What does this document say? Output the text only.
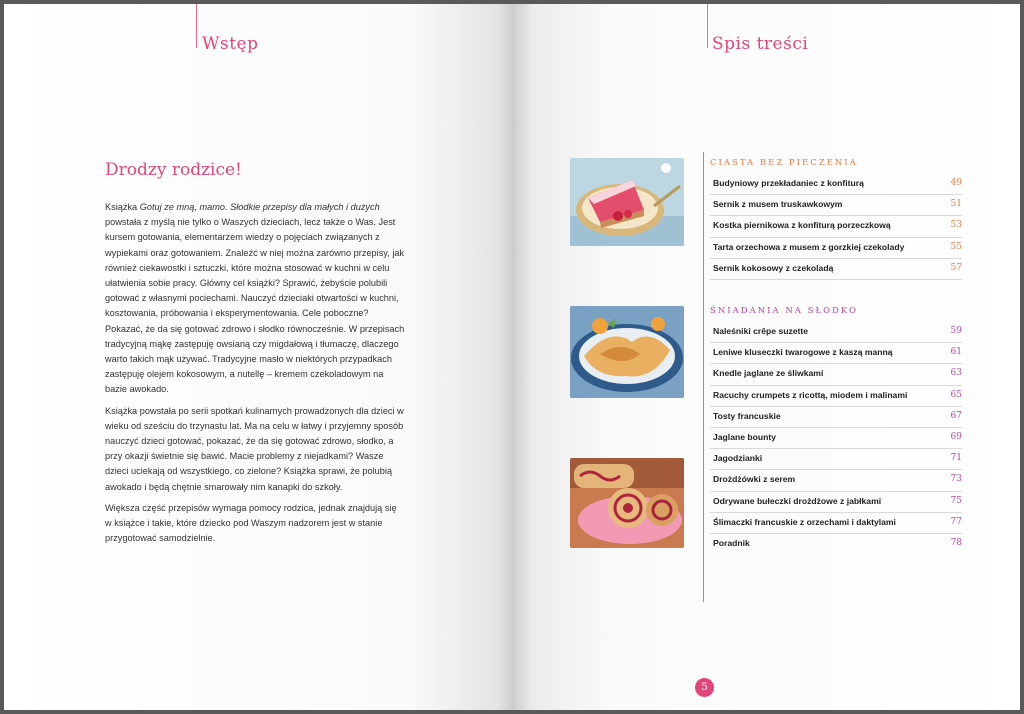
Wstęp	Spis treści
Drodzy rodzice!

Książka Gotuj ze mną, mamo. Słodkie przepisy dla małych i dużych powstała z myślą nie tylko o Waszych dzieciach, lecz także o Was. Jest kursem gotowania, elementarzem wiedzy o pojęciach związanych z wypiekami oraz gotowaniem. Znaleźć w niej można zarówno przepisy, jak również ciekawostki i sztuczki, które można stosować w kuchni w celu ułatwienia sobie pracy. Główny cel książki? Sprawić, żebyście polubili gotować z własnymi pociechami. Nauczyć dzieciaki otwartości w kuchni, kosztowania, próbowania i eksperymentowania. Cele poboczne? Pokazać, że da się gotować zdrowo i słodko równocześnie. W przepisach tradycyjną mąkę zastępuję owsianą czy migdałową i tłumaczę, dlaczego warto takich mąk używać. Tradycyjne masło w niektórych przypadkach zastępuję olejem kokosowym, a nutellę – kremem czekoladowym na bazie awokado.

Książka powstała po serii spotkań kulinarnych prowadzonych dla dzieci w wieku od sześciu do trzynastu lat. Ma na celu w łatwy i przyjemny sposób nauczyć dzieci gotować, pokazać, że da się gotować zdrowo, słodko, a przy okazji świetnie się bawić. Macie problemy z niejadkami? Wasze dzieci uciekają od wszystkiego, co zielone? Książka sprawi, że polubią awokado i będą chętnie smarowały nim kanapki do szkoły.

Większa część przepisów wymaga pomocy rodzica, jednak znajdują się w książce i takie, które dziecko pod Waszym nadzorem jest w stanie przygotować samodzielnie.

CIASTA BEZ PIECZENIA
Budyniowy przekładaniec z konfiturą	49
Sernik z musem truskawkowym	51
Kostka piernikowa z konfiturą porzeczkową	53
Tarta orzechowa z musem z gorzkiej czekolady	55
Sernik kokosowy z czekoladą	57
ŚNIADANIA NA SŁODKO
Naleśniki crêpe suzette	59
Leniwe kluseczki twarogowe z kaszą manną	61
Knedle jaglane ze śliwkami	63
Racuchy crumpets z ricottą, miodem i malinami	65
Tosty francuskie	67
Jaglane bounty	69
Jagodzianki	71
Drożdżówki z serem	73
Odrywane bułeczki drożdżowe z jabłkami	75
Ślimaczki francuskie z orzechami i daktylami	77
Poradnik	78
5
